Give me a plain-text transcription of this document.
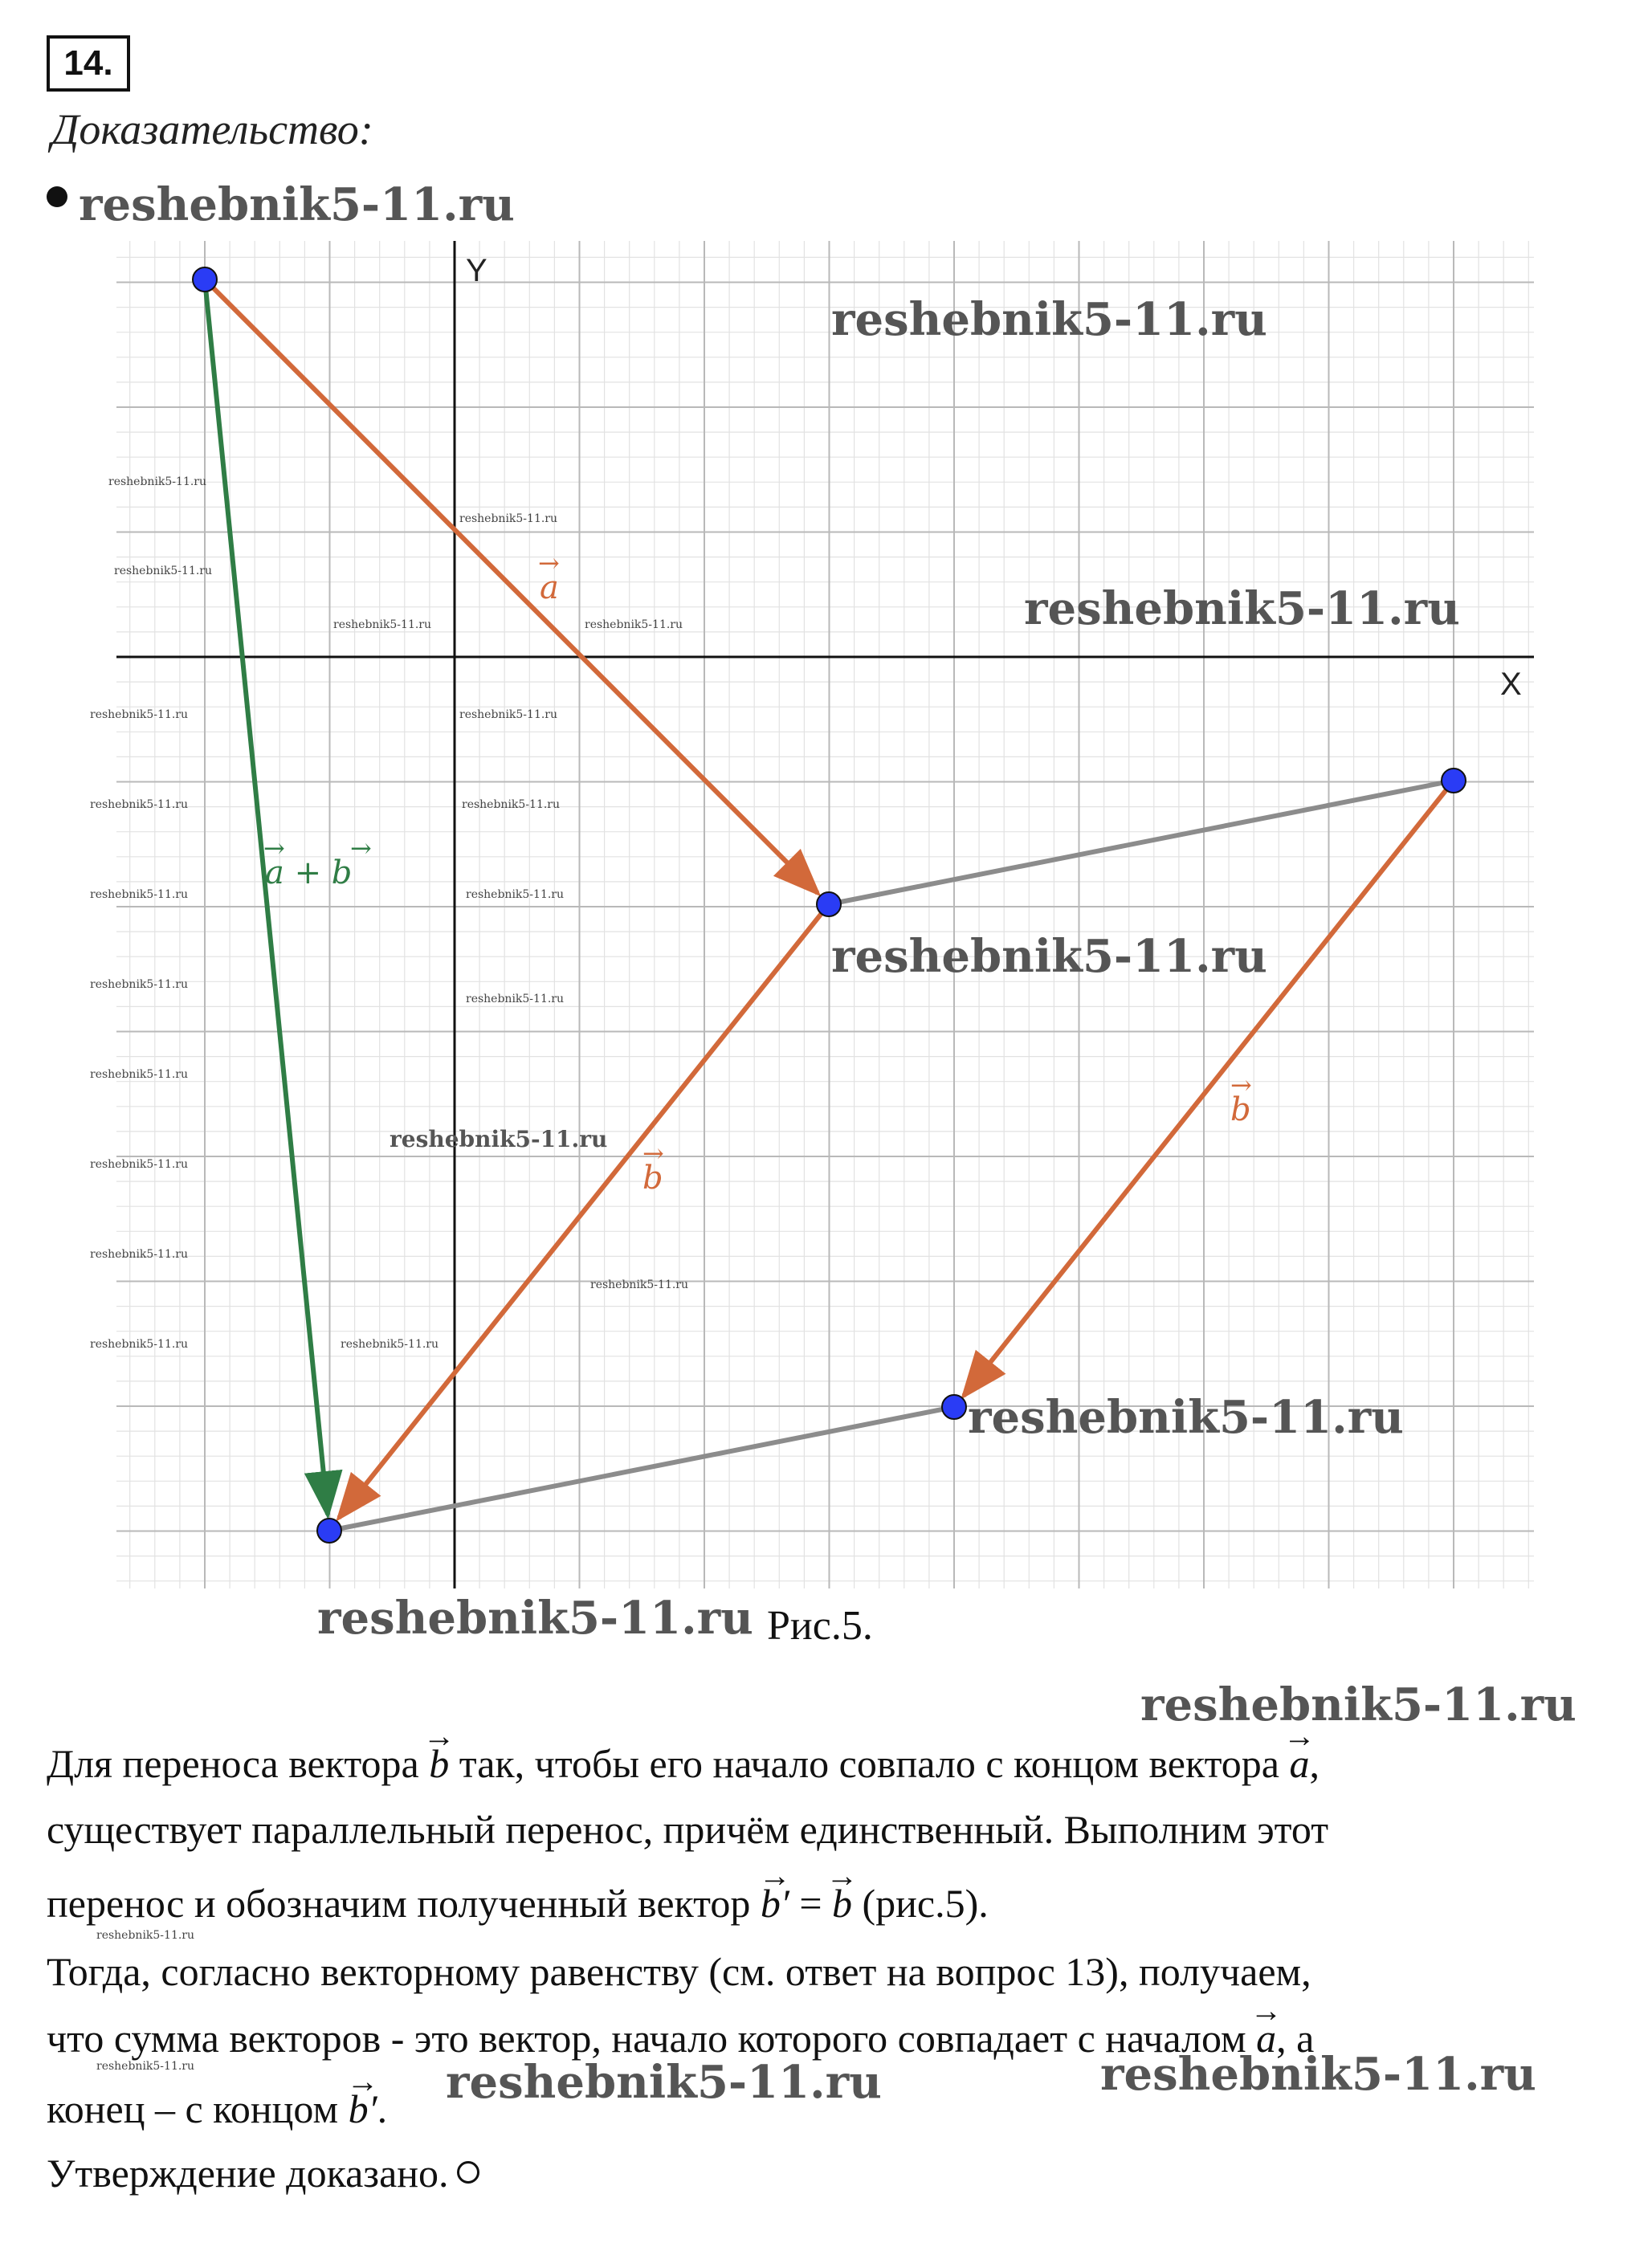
14.
Доказательство:
reshebnik5-11.ru
X
Y
a
→
b
→
b
→
a + b
→	→
reshebnik5-11.ru
reshebnik5-11.ru
reshebnik5-11.ru
reshebnik5-11.ru
reshebnik5-11.ru
reshebnik5-11.ru
reshebnik5-11.ru	reshebnik5-11.ru
reshebnik5-11.ru
reshebnik5-11.ru
reshebnik5-11.ru
reshebnik5-11.ru
reshebnik5-11.ru	reshebnik5-11.ru
reshebnik5-11.ru	reshebnik5-11.ru
reshebnik5-11.ru	reshebnik5-11.ru
reshebnik5-11.ru	reshebnik5-11.ru
reshebnik5-11.ru
reshebnik5-11.ru
reshebnik5-11.ru
reshebnik5-11.ru
reshebnik5-11.ru
reshebnik5-11.ru
reshebnik5-11.ru	reshebnik5-11.ru
reshebnik5-11.ru
reshebnik5-11.ru
Рис.5.
Для переноса вектора → b так, чтобы его начало совпало с концом вектора → a,
существует параллельный перенос, причём единственный. Выполним этот
перенос и обозначим полученный вектор → b′ = → b (рис.5).
Тогда, согласно векторному равенству (см. ответ на вопрос 13), получаем,
что сумма векторов - это вектор, начало которого совпадает с началом → a, а
конец – с концом → b′.
Утверждение доказано.
